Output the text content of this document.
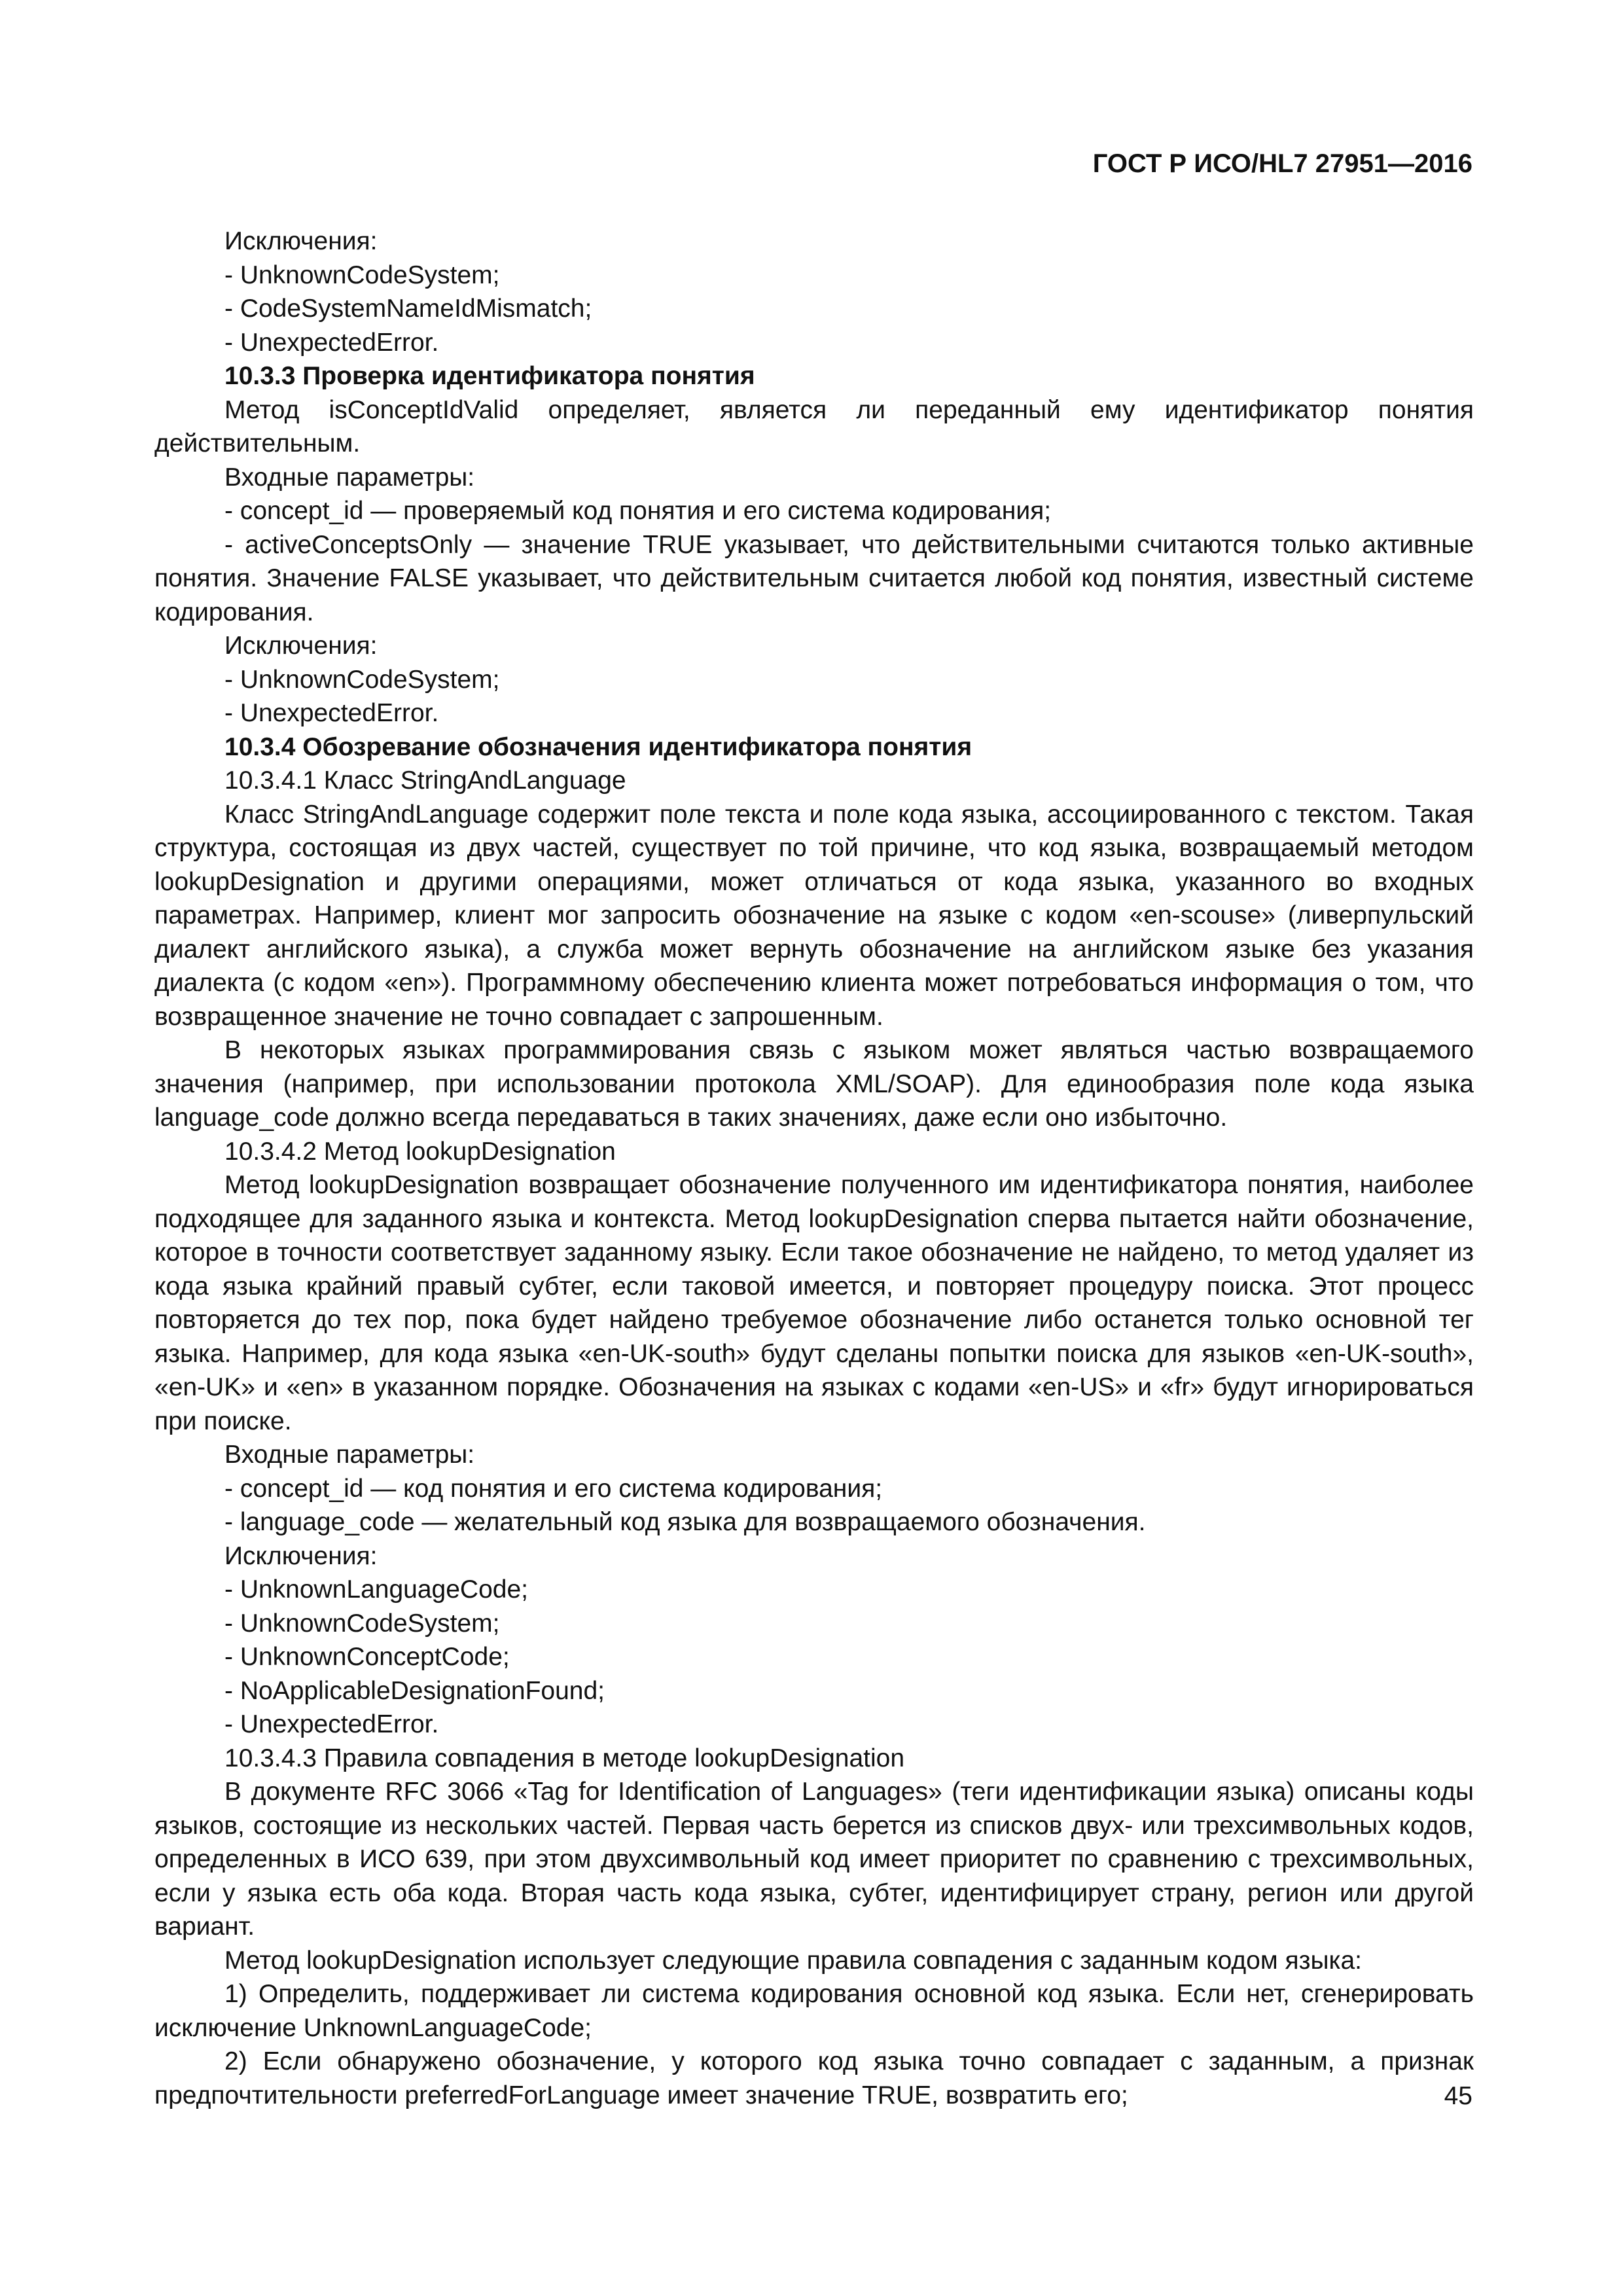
ГОСТ Р ИСО/HL7 27951—2016

Исключения:

- UnknownCodeSystem;

- CodeSystemNameIdMismatch;

- UnexpectedError.

10.3.3 Проверка идентификатора понятия

Метод isConceptIdValid определяет, является ли переданный ему идентификатор понятия действительным.

Входные параметры:

- concept_id — проверяемый код понятия и его система кодирования;

- activeConceptsOnly — значение TRUE указывает, что действительными считаются только активные понятия. Значение FALSE указывает, что действительным считается любой код понятия, известный системе кодирования.

Исключения:

- UnknownCodeSystem;

- UnexpectedError.

10.3.4 Обозревание обозначения идентификатора понятия

10.3.4.1 Класс StringAndLanguage

Класс StringAndLanguage содержит поле текста и поле кода языка, ассоциированного с текстом. Такая структура, состоящая из двух частей, существует по той причине, что код языка, возвращаемый методом lookupDesignation и другими операциями, может отличаться от кода языка, указанного во входных параметрах. Например, клиент мог запросить обозначение на языке с кодом «en-scouse» (ливерпульский диалект английского языка), а служба может вернуть обозначение на английском языке без указания диалекта (с кодом «en»). Программному обеспечению клиента может потребоваться информация о том, что возвращенное значение не точно совпадает с запрошенным.

В некоторых языках программирования связь с языком может являться частью возвращаемого значения (например, при использовании протокола XML/SOAP). Для единообразия поле кода языка language_code должно всегда передаваться в таких значениях, даже если оно избыточно.

10.3.4.2 Метод lookupDesignation

Метод lookupDesignation возвращает обозначение полученного им идентификатора понятия, наиболее подходящее для заданного языка и контекста. Метод lookupDesignation сперва пытается найти обозначение, которое в точности соответствует заданному языку. Если такое обозначение не найдено, то метод удаляет из кода языка крайний правый субтег, если таковой имеется, и повторяет процедуру поиска. Этот процесс повторяется до тех пор, пока будет найдено требуемое обозначение либо останется только основной тег языка. Например, для кода языка «en-UK-south» будут сделаны попытки поиска для языков «en-UK-south», «en-UK» и «en» в указанном порядке. Обозначения на языках с кодами «en-US» и «fr» будут игнорироваться при поиске.

Входные параметры:

- concept_id — код понятия и его система кодирования;

- language_code — желательный код языка для возвращаемого обозначения.

Исключения:

- UnknownLanguageCode;

- UnknownCodeSystem;

- UnknownConceptCode;

- NoApplicableDesignationFound;

- UnexpectedError.

10.3.4.3 Правила совпадения в методе lookupDesignation

В документе RFC 3066 «Tag for Identification of Languages» (теги идентификации языка) описаны коды языков, состоящие из нескольких частей. Первая часть берется из списков двух- или трехсимвольных кодов, определенных в ИСО 639, при этом двухсимвольный код имеет приоритет по сравнению с трехсимвольных, если у языка есть оба кода. Вторая часть кода языка, субтег, идентифицирует страну, регион или другой вариант.

Метод lookupDesignation использует следующие правила совпадения с заданным кодом языка:

1) Определить, поддерживает ли система кодирования основной код языка. Если нет, сгенерировать исключение UnknownLanguageCode;

2) Если обнаружено обозначение, у которого код языка точно совпадает с заданным, а признак предпочтительности preferredForLanguage имеет значение TRUE, возвратить его;	45
